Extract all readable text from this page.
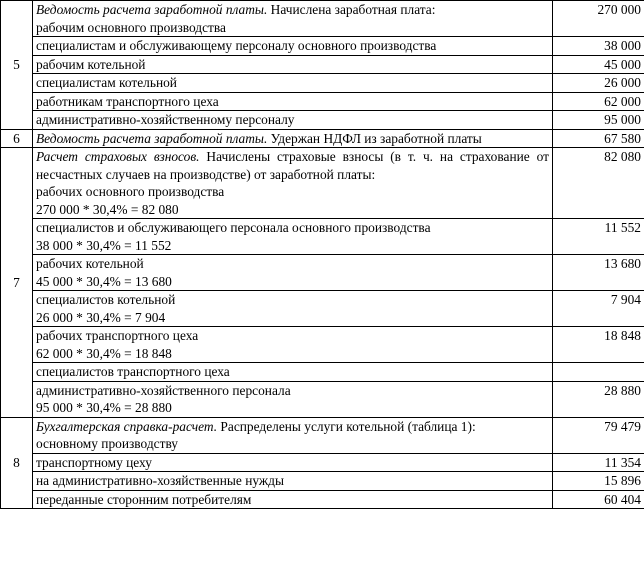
5	Ведомость расчета заработной платы. Начислена заработная плата:
рабочим основного производства	270 000
	специалистам и обслуживающему персоналу основного производства	38 000
	рабочим котельной	45 000
	специалистам котельной	26 000
	работникам транспортного цеха	62 000
	административно-хозяйственному персоналу	95 000
6	Ведомость расчета заработной платы. Удержан НДФЛ из заработной платы	67 580
7	Расчет страховых взносов. Начислены страховые взносы (в т. ч. на страхование от несчастных случаев на производстве) от заработной платы:
рабочих основного производства
270 000 * 30,4% = 82 080	82 080

	специалистов и обслуживающего персонала основного производства
38 000 * 30,4% = 11 552	11 552

	рабочих котельной
45 000 * 30,4% = 13 680	13 680

	специалистов котельной
26 000 * 30,4% = 7 904	7 904

	рабочих транспортного цеха
62 000 * 30,4% = 18 848	18 848
	специалистов транспортного цеха	

	административно-хозяйственного персонала
95 000 * 30,4% = 28 880	28 880
8	Бухгалтерская справка-расчет. Распределены услуги котельной (таблица 1):
основному производству	79 479
	транспортному цеху	11 354
	на административно-хозяйственные нужды	15 896
	переданные сторонним потребителям	60 404
